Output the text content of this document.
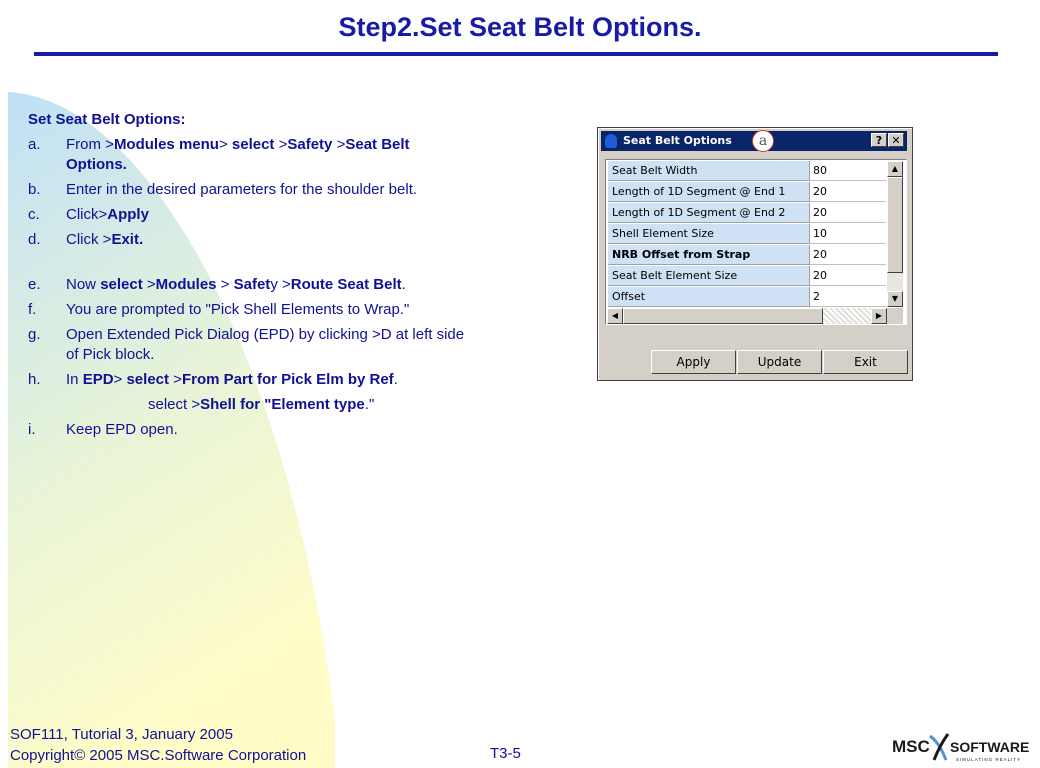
Step2.Set Seat Belt Options.
Set Seat Belt Options:
a.	From >Modules menu> select >Safety >Seat Belt Options.
b.	Enter in the desired parameters for the shoulder belt.
c.	Click>Apply
d.	Click >Exit.
e.	Now select >Modules > Safety >Route Seat Belt.
f.	You are prompted to "Pick Shell Elements to Wrap."
g.	Open Extended Pick Dialog (EPD) by clicking >D at left side of Pick block.
h.	In EPD> select >From Part for Pick Elm by Ref.
select >Shell for "Element type."
i.	Keep EPD open.
Seat Belt Options	? ✕
Seat Belt Width	80
Length of 1D Segment @ End 1	20
Length of 1D Segment @ End 2	20
Shell Element Size	10
NRB Offset from Strap	20
Seat Belt Element Size	20
Offset	2
▲
▼
◀	▶
Apply	Update	Exit
a
SOF111, Tutorial 3, January 2005
Copyright© 2005 MSC.Software Corporation	T3-5	MSC SOFTWARE
SIMULATING REALITY
